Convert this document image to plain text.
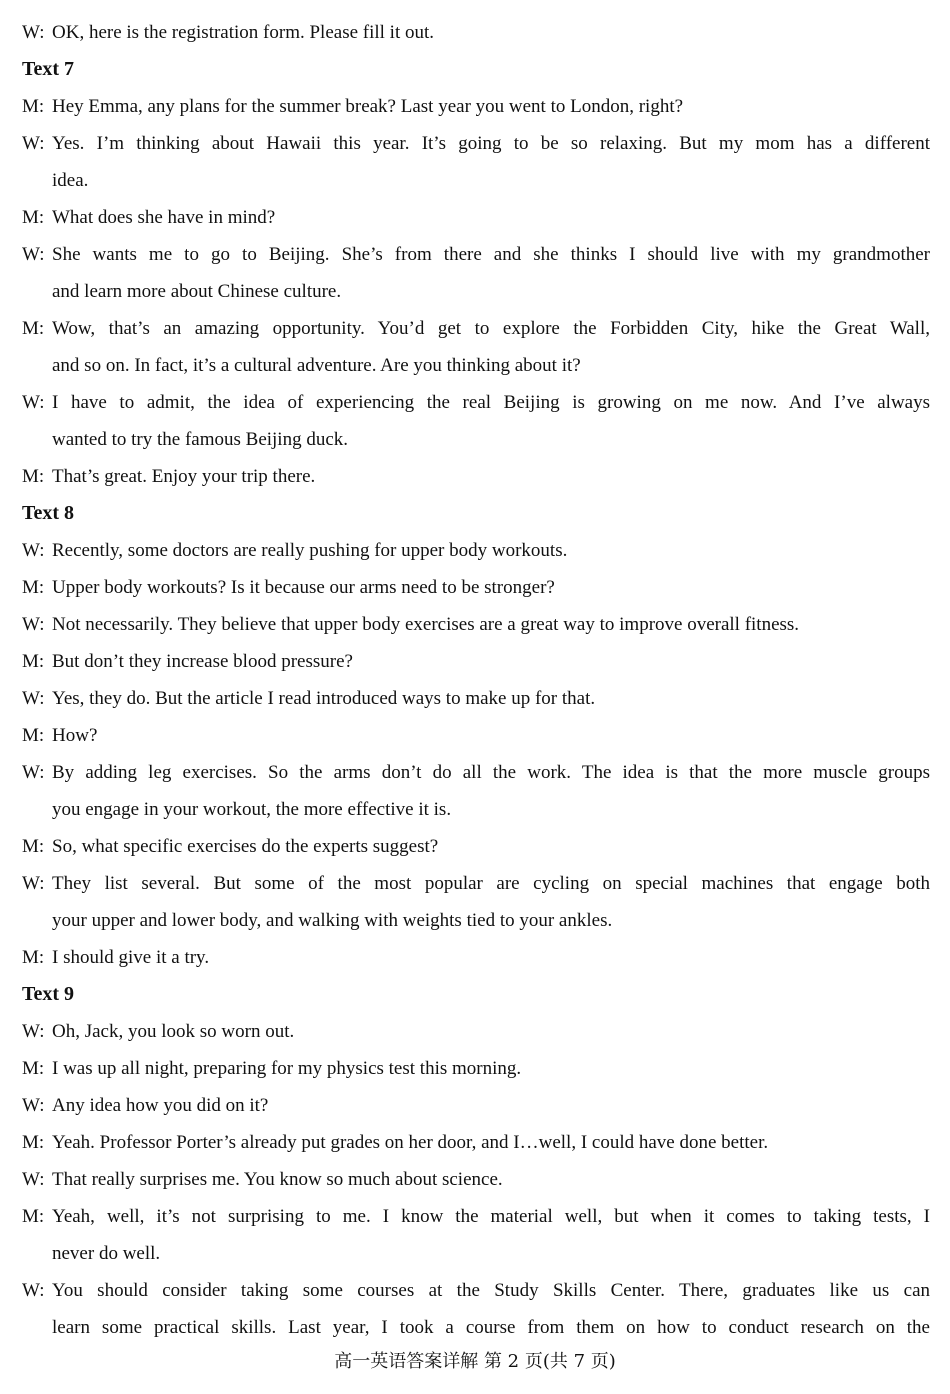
W: OK, here is the registration form. Please fill it out.
Text 7
M: Hey Emma, any plans for the summer break? Last year you went to London, right?
W: Yes. I’m thinking about Hawaii this year. It’s going to be so relaxing. But my mom has a different
idea.
M: What does she have in mind?
W: She wants me to go to Beijing. She’s from there and she thinks I should live with my grandmother
and learn more about Chinese culture.
M: Wow, that’s an amazing opportunity. You’d get to explore the Forbidden City, hike the Great Wall,
and so on. In fact, it’s a cultural adventure. Are you thinking about it?
W: I have to admit, the idea of experiencing the real Beijing is growing on me now. And I’ve always
wanted to try the famous Beijing duck.
M: That’s great. Enjoy your trip there.
Text 8
W: Recently, some doctors are really pushing for upper body workouts.
M: Upper body workouts? Is it because our arms need to be stronger?
W: Not necessarily. They believe that upper body exercises are a great way to improve overall fitness.
M: But don’t they increase blood pressure?
W: Yes, they do. But the article I read introduced ways to make up for that.
M: How?
W: By adding leg exercises. So the arms don’t do all the work. The idea is that the more muscle groups
you engage in your workout, the more effective it is.
M: So, what specific exercises do the experts suggest?
W: They list several. But some of the most popular are cycling on special machines that engage both
your upper and lower body, and walking with weights tied to your ankles.
M: I should give it a try.
Text 9
W: Oh, Jack, you look so worn out.
M: I was up all night, preparing for my physics test this morning.
W: Any idea how you did on it?
M: Yeah. Professor Porter’s already put grades on her door, and I…well, I could have done better.
W: That really surprises me. You know so much about science.
M: Yeah, well, it’s not surprising to me. I know the material well, but when it comes to taking tests, I
never do well.
W: You should consider taking some courses at the Study Skills Center. There, graduates like us can
learn some practical skills. Last year, I took a course from them on how to conduct research on the
高一英语答案详解 第 2 页(共 7 页)
